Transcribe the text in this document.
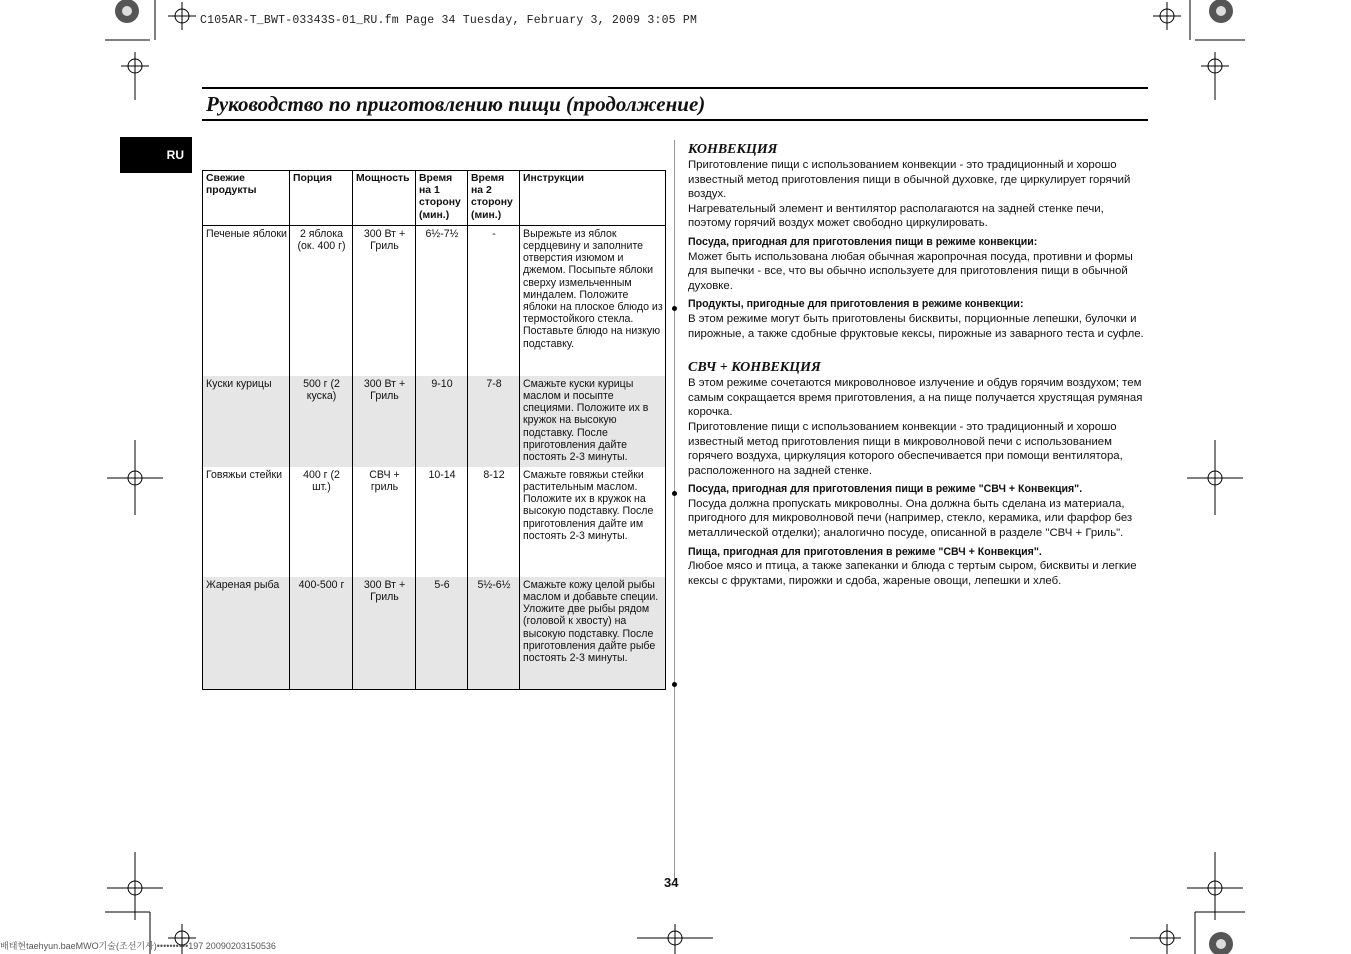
C105AR-T_BWT-03343S-01_RU.fm Page 34 Tuesday, February 3, 2009 3:05 PM
Руководство по приготовлению пищи (продолжение)
RU
Свежие продукты	Порция	Мощность	Время на 1 сторону (мин.)	Время на 2 сторону (мин.)	Инструкции
Печеные яблоки	2 яблока (ок. 400 г)	300 Вт + Гриль	6½-7½	-	Вырежьте из яблок сердцевину и заполните отверстия изюмом и джемом. Посыпьте яблоки сверху измельченным миндалем. Положите яблоки на плоское блюдо из термостойкого стекла. Поставьте блюдо на низкую подставку.
Куски курицы	500 г (2 куска)	300 Вт + Гриль	9-10	7-8	Смажьте куски курицы маслом и посыпте специями. Положите их в кружок на высокую подставку. После приготовления дайте постоять 2-3 минуты.
Говяжьи стейки	400 г (2 шт.)	СВЧ + гриль	10-14	8-12	Смажьте говяжьи стейки растительным маслом. Положите их в кружок на высокую подставку. После приготовления дайте им постоять 2-3 минуты.
Жареная рыба	400-500 г	300 Вт + Гриль	5-6	5½-6½	Смажьте кожу целой рыбы маслом и добавьте специи. Уложите две рыбы рядом (головой к хвосту) на высокую подставку. После приготовления дайте рыбе постоять 2-3 минуты.
КОНВЕКЦИЯ

Приготовление пищи с использованием конвекции - это традиционный и хорошо известный метод приготовления пищи в обычной духовке, где циркулирует горячий воздух.

Нагревательный элемент и вентилятор располагаются на задней стенке печи, поэтому горячий воздух может свободно циркулировать.

Посуда, пригодная для приготовления пищи в режиме конвекции:

Может быть использована любая обычная жаропрочная посуда, противни и формы для выпечки - все, что вы обычно используете для приготовления пищи в обычной духовке.

Продукты, пригодные для приготовления в режиме конвекции:

В этом режиме могут быть приготовлены бисквиты, порционные лепешки, булочки и пирожные, а также сдобные фруктовые кексы, пирожные из заварного теста и суфле.

СВЧ + КОНВЕКЦИЯ

В этом режиме сочетаются микроволновое излучение и обдув горячим воздухом; тем самым сокращается время приготовления, а на пище получается хрустящая румяная корочка.

Приготовление пищи с использованием конвекции - это традиционный и хорошо известный метод приготовления пищи в микроволновой печи с использованием горячего воздуха, циркуляция которого обеспечивается при помощи вентилятора, расположенного на задней стенке.

Посуда, пригодная для приготовления пищи в режиме "СВЧ + Конвекция".

Посуда должна пропускать микроволны. Она должна быть сделана из материала, пригодного для микроволновой печи (например, стекло, керамика, или фарфор без металлической отделки); аналогично посуде, описанной в разделе "СВЧ + Гриль".

Пища, пригодная для приготовления в режиме "СВЧ + Конвекция".

Любое мясо и птица, а также запеканки и блюда с тертым сыром, бисквиты и легкие кексы с фруктами, пирожки и сдоба, жареные овощи, лепешки и хлеб.

34
배태현taehyun.baeMWO기술(조선기사)••••••••••197 20090203150536
